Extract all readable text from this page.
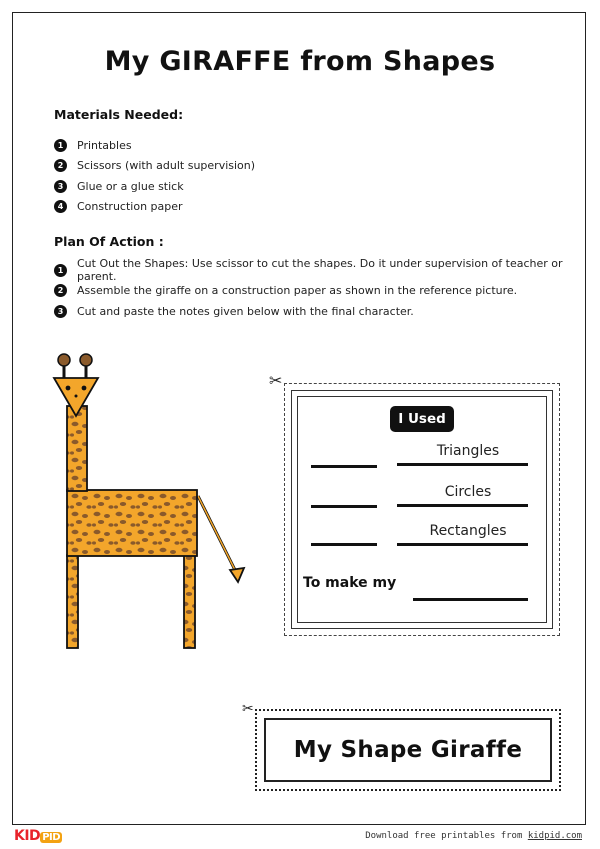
My GIRAFFE from Shapes
Materials Needed:
1	Printables
2	Scissors (with adult supervision)
3	Glue or a glue stick
4	Construction paper
Plan Of Action :
1	Cut Out the Shapes: Use scissor to cut the shapes. Do it under supervision of teacher or parent.
2	Assemble the giraffe on a construction paper as shown in the reference picture.
3	Cut and paste the notes given below with the final character.
✂
I Used
Triangles
Circles
Rectangles
To make my
✂
My Shape Giraffe
KID PID	Download free printables from kidpid.com
